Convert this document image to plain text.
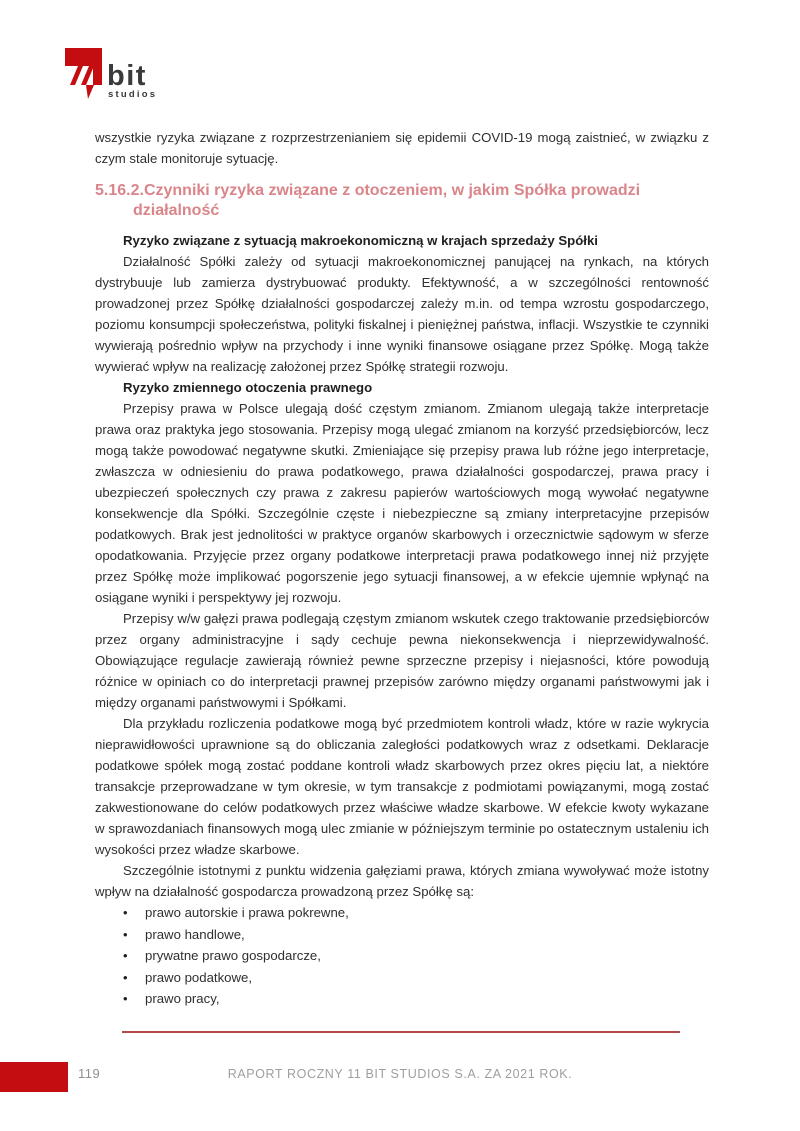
bit
studios

wszystkie ryzyka związane z rozprzestrzenianiem się epidemii COVID-19 mogą zaistnieć, w związku z czym stale monitoruje sytuację.

5.16.2.Czynniki ryzyka związane z otoczeniem, w jakim Spółka prowadzi działalność
Ryzyko związane z sytuacją makroekonomiczną w krajach sprzedaży Spółki

Działalność Spółki zależy od sytuacji makroekonomicznej panującej na rynkach, na których dystrybuuje lub zamierza dystrybuować produkty. Efektywność, a w szczególności rentowność prowadzonej przez Spółkę działalności gospodarczej zależy m.in. od tempa wzrostu gospodarczego, poziomu konsumpcji społeczeństwa, polityki fiskalnej i pieniężnej państwa, inflacji. Wszystkie te czynniki wywierają pośrednio wpływ na przychody i inne wyniki finansowe osiągane przez Spółkę. Mogą także wywierać wpływ na realizację założonej przez Spółkę strategii rozwoju.

Ryzyko zmiennego otoczenia prawnego

Przepisy prawa w Polsce ulegają dość częstym zmianom. Zmianom ulegają także interpretacje prawa oraz praktyka jego stosowania. Przepisy mogą ulegać zmianom na korzyść przedsiębiorców, lecz mogą także powodować negatywne skutki. Zmieniające się przepisy prawa lub różne jego interpretacje, zwłaszcza w odniesieniu do prawa podatkowego, prawa działalności gospodarczej, prawa pracy i ubezpieczeń społecznych czy prawa z zakresu papierów wartościowych mogą wywołać negatywne konsekwencje dla Spółki. Szczególnie częste i niebezpieczne są zmiany interpretacyjne przepisów podatkowych. Brak jest jednolitości w praktyce organów skarbowych i orzecznictwie sądowym w sferze opodatkowania. Przyjęcie przez organy podatkowe interpretacji prawa podatkowego innej niż przyjęte przez Spółkę może implikować pogorszenie jego sytuacji finansowej, a w efekcie ujemnie wpłynąć na osiągane wyniki i perspektywy jej rozwoju.

Przepisy w/w gałęzi prawa podlegają częstym zmianom wskutek czego traktowanie przedsiębiorców przez organy administracyjne i sądy cechuje pewna niekonsekwencja i nieprzewidywalność. Obowiązujące regulacje zawierają również pewne sprzeczne przepisy i niejasności, które powodują różnice w opiniach co do interpretacji prawnej przepisów zarówno między organami państwowymi jak i między organami państwowymi i Spółkami.

Dla przykładu rozliczenia podatkowe mogą być przedmiotem kontroli władz, które w razie wykrycia nieprawidłowości uprawnione są do obliczania zaległości podatkowych wraz z odsetkami. Deklaracje podatkowe spółek mogą zostać poddane kontroli władz skarbowych przez okres pięciu lat, a niektóre transakcje przeprowadzane w tym okresie, w tym transakcje z podmiotami powiązanymi, mogą zostać zakwestionowane do celów podatkowych przez właściwe władze skarbowe. W efekcie kwoty wykazane w sprawozdaniach finansowych mogą ulec zmianie w późniejszym terminie po ostatecznym ustaleniu ich wysokości przez władze skarbowe.

Szczególnie istotnymi z punktu widzenia gałęziami prawa, których zmiana wywoływać może istotny wpływ na działalność gospodarcza prowadzoną przez Spółkę są:

• prawo autorskie i prawa pokrewne,
• prawo handlowe,
• prywatne prawo gospodarcze,
• prawo podatkowe,
• prawo pracy,
119	RAPORT ROCZNY 11 BIT STUDIOS S.A. ZA 2021 ROK.
